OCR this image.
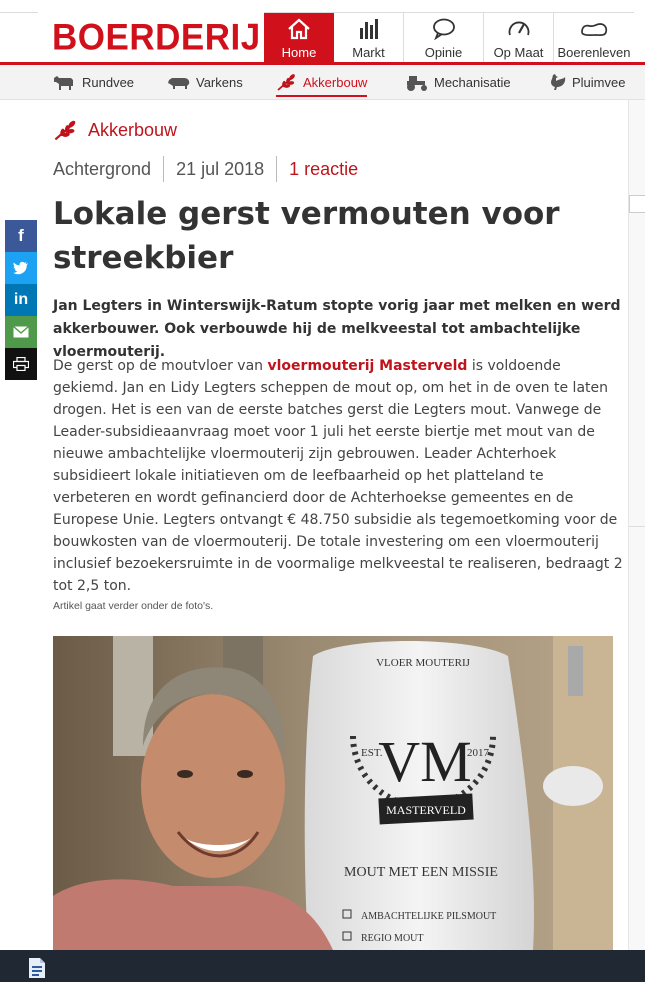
BOERDERIJ Home	Markt	Opinie Op Maat Boerenleven
Rundvee	Varkens	Akkerbouw	Mechanisatie	Pluimvee
f
in
Akkerbouw
Achtergrond 21 jul 2018 1 reactie
Lokale gerst vermouten voor streekbier

Jan Legters in Winterswijk-Ratum stopte vorig jaar met melken en werd akkerbouwer. Ook verbouwde hij de melkveestal tot ambachtelijke vloermouterij.

De gerst op de moutvloer van vloermouterij Masterveld is voldoende gekiemd. Jan en Lidy Legters scheppen de mout op, om het in de oven te laten drogen. Het is een van de eerste batches gerst die Legters mout. Vanwege de Leader-subsidieaanvraag moet voor 1 juli het eerste biertje met mout van de nieuwe ambachtelijke vloermouterij zijn gebrouwen. Leader Achterhoek subsidieert lokale initiatieven om de leefbaarheid op het platteland te verbeteren en wordt gefinancierd door de Achterhoekse gemeentes en de Europese Unie. Legters ontvangt € 48.750 subsidie als tegemoetkoming voor de bouwkosten van de vloermouterij. De totale investering om een vloermouterij inclusief bezoekersruimte in de voormalige melkveestal te realiseren, bedraagt 2 tot 2,5 ton.

Artikel gaat verder onder de foto's.
MASTERVELD
VM
EST.	2017
VLOER MOUTERIJ
MOUT MET EEN MISSIE
AMBACHTELIJKE PILSMOUT
REGIO MOUT
